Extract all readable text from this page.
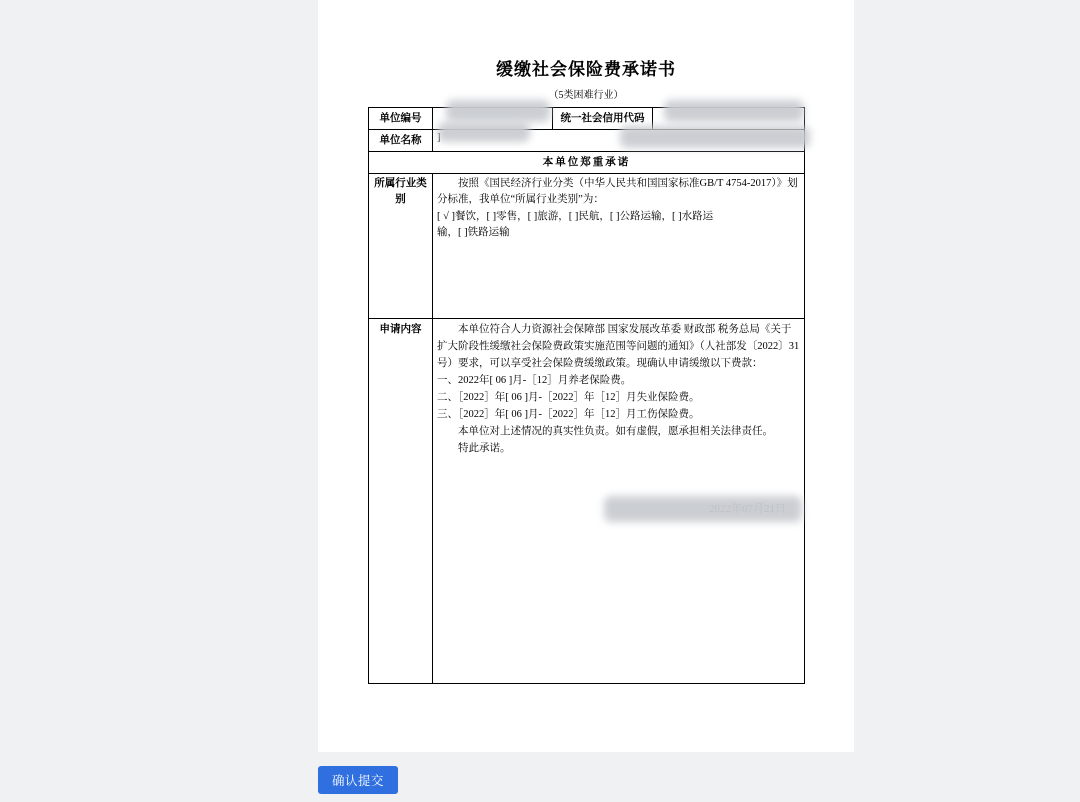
缓缴社会保险费承诺书
（5类困难行业）
单位编号		统一社会信用代码	
单位名称	
本单位郑重承诺			
所属行业类别	按照《国民经济行业分类（中华人民共和国国家标准GB/T 4754-2017）》划分标准，我单位“所属行业类别”为：
[ √ ]餐饮，[ ]零售，[ ]旅游，[ ]民航，[ ]公路运输，[ ]水路运
输，[ ]铁路运输		

申请内容	本单位符合人力资源社会保障部 国家发展改革委 财政部 税务总局《关于扩大阶段性缓缴社会保险费政策实施范围等问题的通知》（人社部发〔2022〕31号）要求，可以享受社会保险费缓缴政策。现确认申请缓缴以下费款：
一、2022年[ 06 ]月-［12］月养老保险费。
二、［2022］年[ 06 ]月-［2022］年［12］月失业保险费。
三、［2022］年[ 06 ]月-［2022］年［12］月工伤保险费。
本单位对上述情况的真实性负责。如有虚假，愿承担相关法律责任。
特此承诺。
确认提交
